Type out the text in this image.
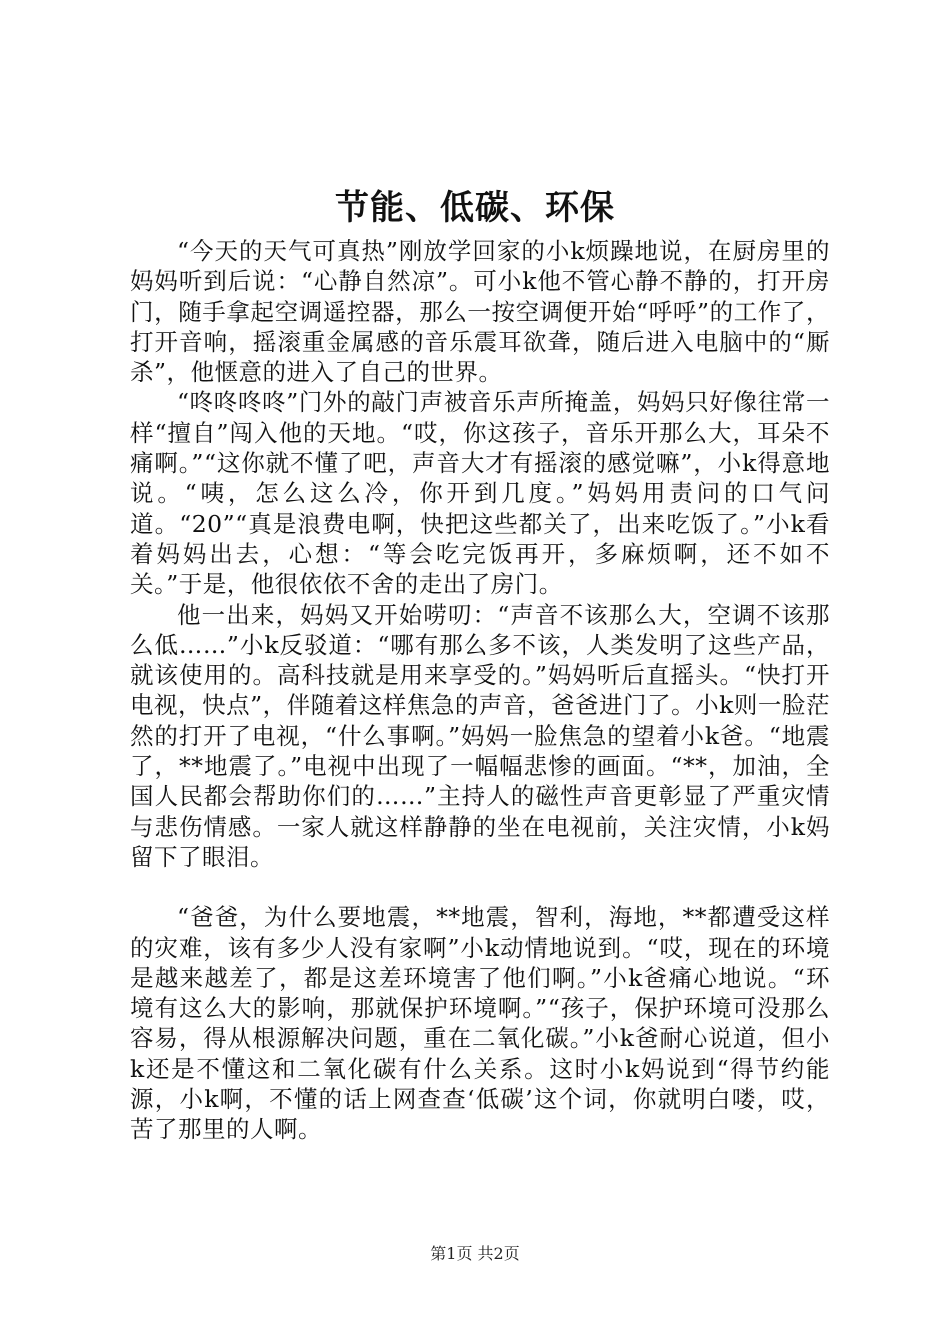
节能、低碳、环保

“今天的天气可真热”刚放学回家的小k烦躁地说，在厨房里的妈妈听到后说：“心静自然凉”。可小k他不管心静不静的，打开房门，随手拿起空调遥控器，那么一按空调便开始“呼呼”的工作了，打开音响，摇滚重金属感的音乐震耳欲聋，随后进入电脑中的“厮杀”，他惬意的进入了自己的世界。

“咚咚咚咚”门外的敲门声被音乐声所掩盖，妈妈只好像往常一样“擅自”闯入他的天地。“哎，你这孩子，音乐开那么大，耳朵不痛啊。”“这你就不懂了吧，声音大才有摇滚的感觉嘛”，小k得意地说。“咦，怎么这么冷，你开到几度。”妈妈用责问的口气问道。“20”“真是浪费电啊，快把这些都关了，出来吃饭了。”小k看着妈妈出去，心想：“等会吃完饭再开，多麻烦啊，还不如不关。”于是，他很依依不舍的走出了房门。

他一出来，妈妈又开始唠叨：“声音不该那么大，空调不该那么低……”小k反驳道：“哪有那么多不该，人类发明了这些产品，就该使用的。高科技就是用来享受的。”妈妈听后直摇头。“快打开电视，快点”，伴随着这样焦急的声音，爸爸进门了。小k则一脸茫然的打开了电视，“什么事啊。”妈妈一脸焦急的望着小k爸。“地震了，**地震了。”电视中出现了一幅幅悲惨的画面。“**，加油，全国人民都会帮助你们的……”主持人的磁性声音更彰显了严重灾情与悲伤情感。一家人就这样静静的坐在电视前，关注灾情，小k妈留下了眼泪。

“爸爸，为什么要地震，**地震，智利，海地，**都遭受这样的灾难，该有多少人没有家啊”小k动情地说到。“哎，现在的环境是越来越差了，都是这差环境害了他们啊。”小k爸痛心地说。“环境有这么大的影响，那就保护环境啊。”“孩子，保护环境可没那么容易，得从根源解决问题，重在二氧化碳。”小k爸耐心说道，但小k还是不懂这和二氧化碳有什么关系。这时小k妈说到“得节约能源，小k啊，不懂的话上网查查‘低碳’这个词，你就明白喽，哎，苦了那里的人啊。

第1页 共2页
